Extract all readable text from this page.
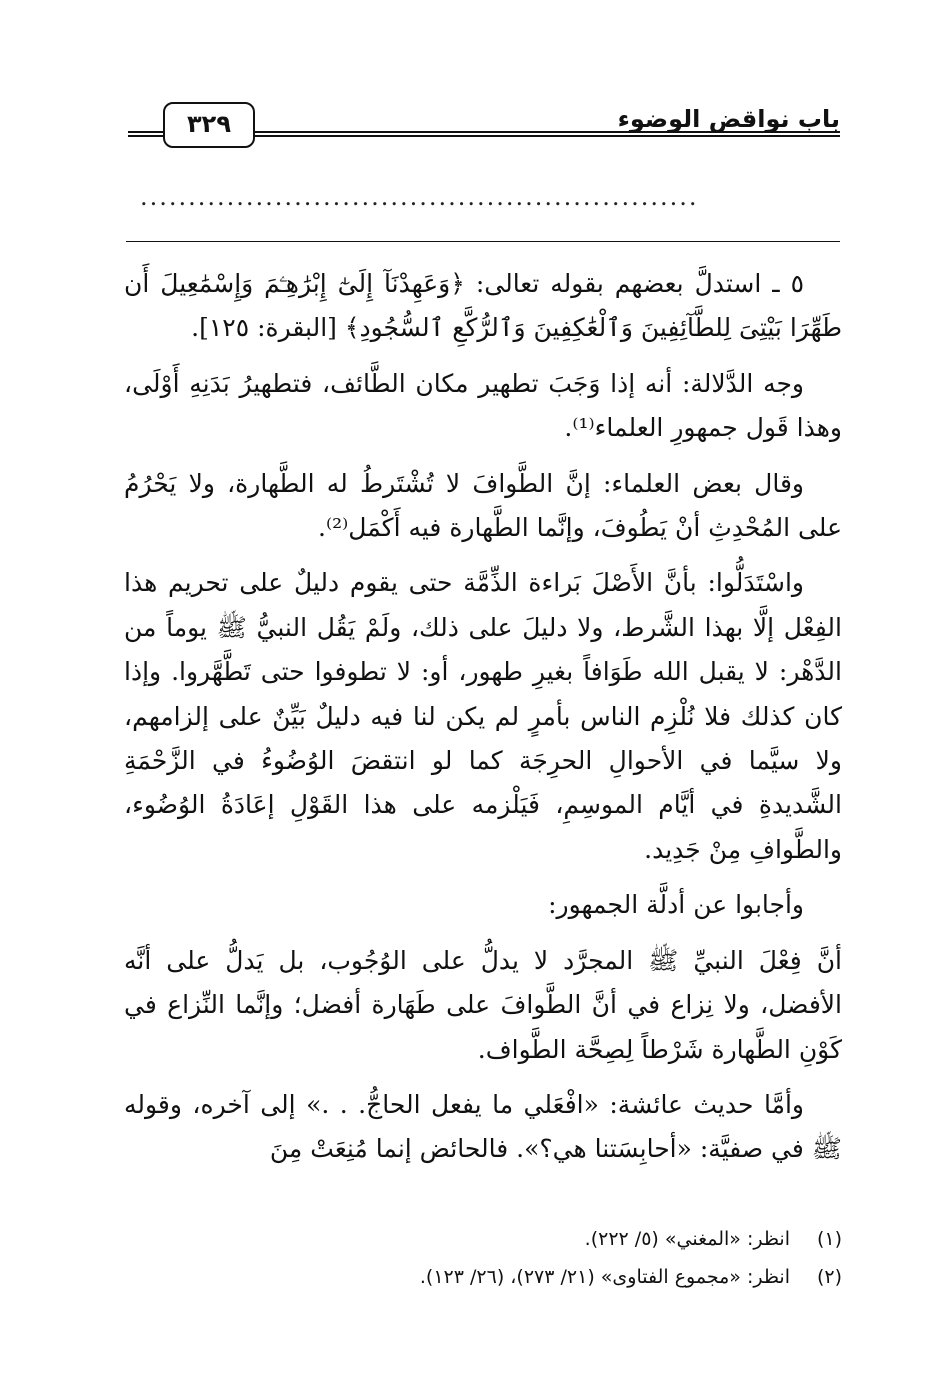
٣٢٩	باب نواقض الوضوء
..........................................................

٥ ـ استدلَّ بعضهم بقوله تعالى: ﴿وَعَهِدْنَآ إِلَىٰٓ إِبْرَٰهِـۧمَ وَإِسْمَٰعِيلَ أَن طَهِّرَا بَيْتِىَ لِلطَّآئِفِينَ وَٱلْعَٰكِفِينَ وَٱلرُّكَّعِ ٱلسُّجُودِ﴾ [البقرة: ١٢٥].

وجه الدَّلالة: أنه إذا وَجَبَ تطهير مكان الطَّائف، فتطهيرُ بَدَنِهِ أَوْلَى، وهذا قَول جمهورِ العلماء⁽¹⁾.

وقال بعض العلماء: إنَّ الطَّوافَ لا تُشْتَرطُ له الطَّهارة، ولا يَحْرُمُ على المُحْدِثِ أنْ يَطُوفَ، وإنَّما الطَّهارة فيه أَكْمَل⁽²⁾.

واسْتَدَلُّوا: بأنَّ الأَصْلَ بَراءة الذِّمَّة حتى يقوم دليلٌ على تحريم هذا الفِعْل إلَّا بهذا الشَّرط، ولا دليلَ على ذلك، ولَمْ يَقُل النبيُّ ﷺ يوماً من الدَّهْر: لا يقبل الله طَوَافاً بغيرِ طهور، أو: لا تطوفوا حتى تَطَّهَّروا. وإذا كان كذلك فلا نُلْزِم الناس بأمرٍ لم يكن لنا فيه دليلٌ بَيِّنٌ على إلزامهم، ولا سيَّما في الأحوالِ الحرِجَة كما لو انتقضَ الوُضُوءُ في الزَّحْمَةِ الشَّديدةِ في أيَّام الموسِمِ، فَيَلْزمه على هذا القَوْلِ إعَادَةُ الوُضُوء، والطَّوافِ مِنْ جَدِيد.

وأجابوا عن أدلَّة الجمهور:

أنَّ فِعْلَ النبيِّ ﷺ المجرَّد لا يدلُّ على الوُجُوب، بل يَدلُّ على أنَّه الأفضل، ولا نِزاع في أنَّ الطَّوافَ على طَهَارة أفضل؛ وإنَّما النِّزاع في كَوْنِ الطَّهارة شَرْطاً لِصِحَّة الطَّواف.

وأمَّا حديث عائشة: «افْعَلي ما يفعل الحاجُّ. . .» إلى آخره، وقوله ﷺ في صفيَّة: «أحابِسَتنا هي؟». فالحائض إنما مُنِعَتْ مِنَ

(١)
انظر: «المغني» (٥/ ٢٢٢).
(٢)
انظر: «مجموع الفتاوى» (٢١/ ٢٧٣)، (٢٦/ ١٢٣).
